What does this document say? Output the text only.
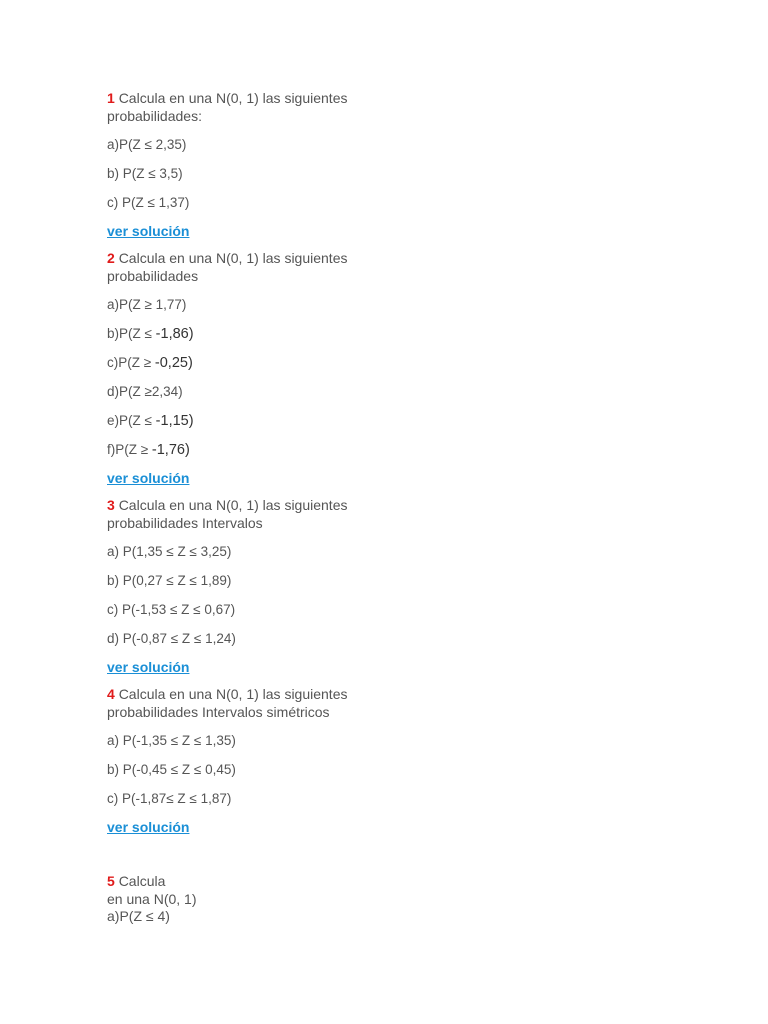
1 Calcula en una N(0, 1) las siguientes probabilidades:

a)P(Z ≤ 2,35)
b) P(Z ≤ 3,5)
c) P(Z ≤ 1,37)
ver solución

2 Calcula en una N(0, 1) las siguientes probabilidades

a)P(Z ≥ 1,77)
b)P(Z ≤ -1,86)
c)P(Z ≥ -0,25)
d)P(Z ≥2,34)
e)P(Z ≤ -1,15)
f)P(Z ≥ -1,76)
ver solución

3 Calcula en una N(0, 1) las siguientes probabilidades Intervalos

a) P(1,35 ≤ Z ≤ 3,25)
b) P(0,27 ≤ Z ≤ 1,89)
c) P(-1,53 ≤ Z ≤ 0,67)
d) P(-0,87 ≤ Z ≤ 1,24)
ver solución

4 Calcula en una N(0, 1) las siguientes probabilidades Intervalos simétricos

a) P(-1,35 ≤ Z ≤ 1,35)
b) P(-0,45 ≤ Z ≤ 0,45)
c) P(-1,87≤ Z ≤ 1,87)
ver solución
5 Calcula
en una N(0, 1)
a)P(Z ≤ 4)
